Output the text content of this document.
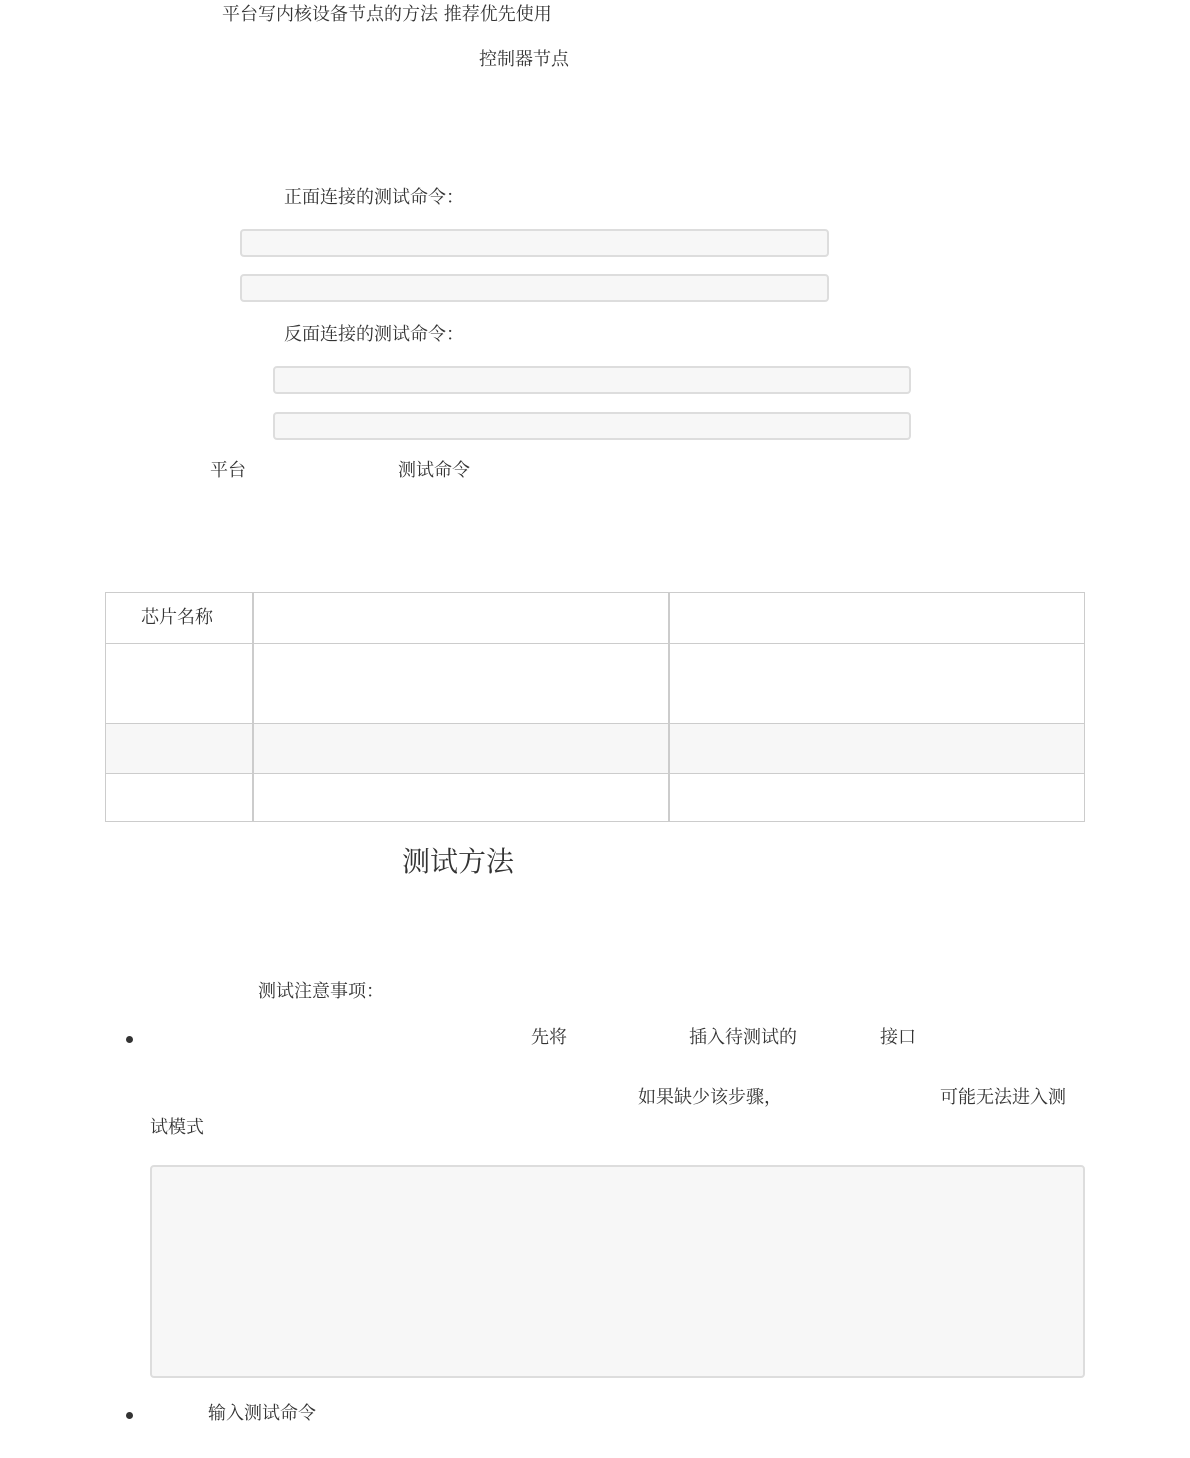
平台写内核设备节点的方法 推荐优先使用
控制器节点
正面连接的测试命令：
反面连接的测试命令：
平台	测试命令
芯片名称
测试方法
测试注意事项：
先将	插入待测试的	接口
如果缺少该步骤，	可能无法进入测
试模式
输入测试命令
